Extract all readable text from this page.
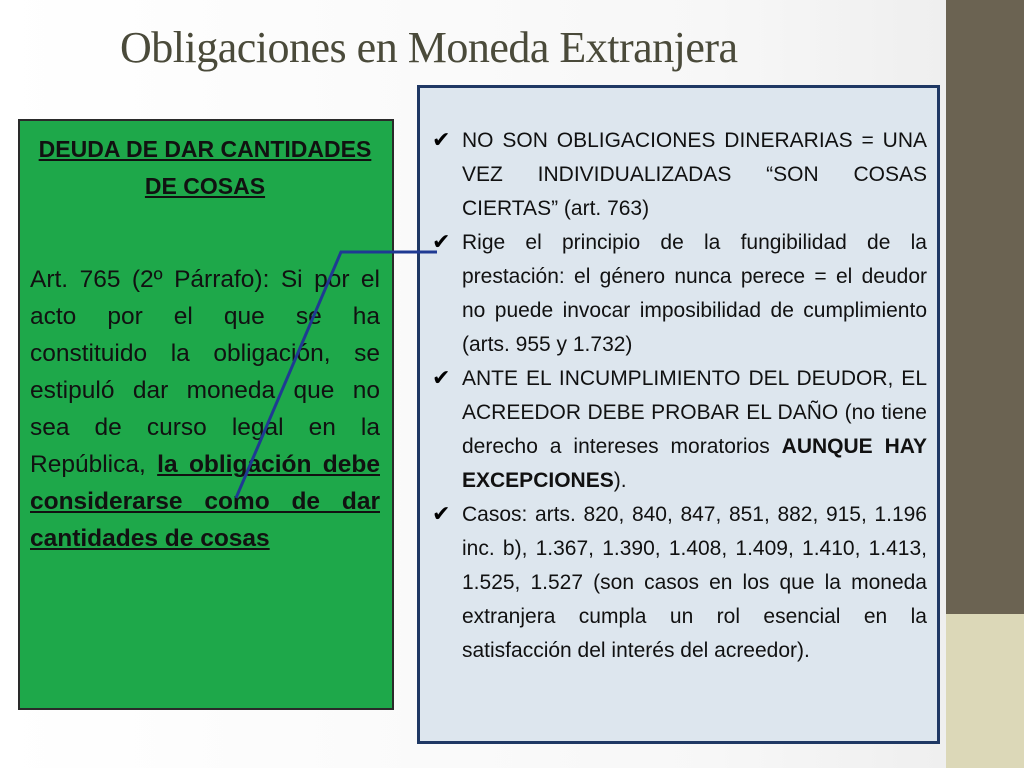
Obligaciones en Moneda Extranjera
DEUDA DE DAR CANTIDADES DE COSAS
Art. 765 (2º Párrafo): Si por el acto por el que se ha constituido la obligación, se estipuló dar moneda que no sea de curso legal en la República, la obligación debe considerarse como de dar cantidades de cosas
✔ NO SON OBLIGACIONES DINERARIAS = UNA VEZ INDIVIDUALIZADAS “SON COSAS CIERTAS” (art. 763)
✔ Rige el principio de la fungibilidad de la prestación: el género nunca perece = el deudor no puede invocar imposibilidad de cumplimiento (arts. 955 y 1.732)
✔ ANTE EL INCUMPLIMIENTO DEL DEUDOR, EL ACREEDOR DEBE PROBAR EL DAÑO (no tiene derecho a intereses moratorios AUNQUE HAY EXCEPCIONES).
✔ Casos: arts. 820, 840, 847, 851, 882, 915, 1.196 inc. b), 1.367, 1.390, 1.408, 1.409, 1.410, 1.413, 1.525, 1.527 (son casos en los que la moneda extranjera cumpla un rol esencial en la satisfacción del interés del acreedor).
